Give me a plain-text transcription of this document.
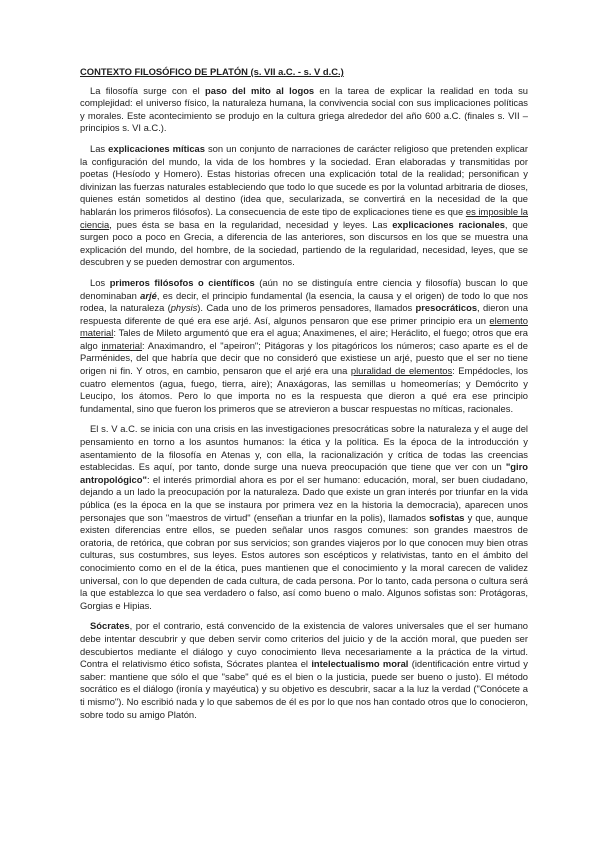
CONTEXTO FILOSÓFICO DE PLATÓN (s. VII a.C. - s. V d.C.)

La filosofía surge con el paso del mito al logos en la tarea de explicar la realidad en toda su complejidad: el universo físico, la naturaleza humana, la convivencia social con sus implicaciones políticas y morales. Este acontecimiento se produjo en la cultura griega alrededor del año 600 a.C. (finales s. VII – principios s. VI a.C.).

Las explicaciones míticas son un conjunto de narraciones de carácter religioso que pretenden explicar la configuración del mundo, la vida de los hombres y la sociedad. Eran elaboradas y transmitidas por poetas (Hesíodo y Homero). Estas historias ofrecen una explicación total de la realidad; personifican y divinizan las fuerzas naturales estableciendo que todo lo que sucede es por la voluntad arbitraria de dioses, quienes están sometidos al destino (idea que, secularizada, se convertirá en la necesidad de la que hablarán los primeros filósofos). La consecuencia de este tipo de explicaciones tiene es que es imposible la ciencia, pues ésta se basa en la regularidad, necesidad y leyes. Las explicaciones racionales, que surgen poco a poco en Grecia, a diferencia de las anteriores, son discursos en los que se muestra una explicación del mundo, del hombre, de la sociedad, partiendo de la regularidad, necesidad, leyes, que se descubren y se pueden demostrar con argumentos.

Los primeros filósofos o científicos (aún no se distinguía entre ciencia y filosofía) buscan lo que denominaban arjé, es decir, el principio fundamental (la esencia, la causa y el origen) de todo lo que nos rodea, la naturaleza (physis). Cada uno de los primeros pensadores, llamados presocráticos, dieron una respuesta diferente de qué era ese arjé. Así, algunos pensaron que ese primer principio era un elemento material: Tales de Mileto argumentó que era el agua; Anaximenes, el aire; Heráclito, el fuego; otros que era algo inmaterial: Anaximandro, el "apeiron"; Pitágoras y los pitagóricos los números; caso aparte es el de Parménides, del que habría que decir que no consideró que existiese un arjé, puesto que el ser no tiene origen ni fin. Y otros, en cambio, pensaron que el arjé era una pluralidad de elementos: Empédocles, los cuatro elementos (agua, fuego, tierra, aire); Anaxágoras, las semillas u homeomerías; y Demócrito y Leucipo, los átomos. Pero lo que importa no es la respuesta que dieron a qué era ese principio fundamental, sino que fueron los primeros que se atrevieron a buscar respuestas no míticas, racionales.

El s. V a.C. se inicia con una crisis en las investigaciones presocráticas sobre la naturaleza y el auge del pensamiento en torno a los asuntos humanos: la ética y la política. Es la época de la introducción y asentamiento de la filosofía en Atenas y, con ella, la racionalización y crítica de todas las creencias establecidas. Es aquí, por tanto, donde surge una nueva preocupación que tiene que ver con un "giro antropológico": el interés primordial ahora es por el ser humano: educación, moral, ser buen ciudadano, dejando a un lado la preocupación por la naturaleza. Dado que existe un gran interés por triunfar en la vida pública (es la época en la que se instaura por primera vez en la historia la democracia), aparecen unos personajes que son "maestros de virtud" (enseñan a triunfar en la polis), llamados sofistas y que, aunque existen diferencias entre ellos, se pueden señalar unos rasgos comunes: son grandes maestros de oratoria, de retórica, que cobran por sus servicios; son grandes viajeros por lo que conocen muy bien otras culturas, sus costumbres, sus leyes. Estos autores son escépticos y relativistas, tanto en el ámbito del conocimiento como en el de la ética, pues mantienen que el conocimiento y la moral carecen de validez universal, con lo que dependen de cada cultura, de cada persona. Por lo tanto, cada persona o cultura será la que establezca lo que sea verdadero o falso, así como bueno o malo. Algunos sofistas son: Protágoras, Gorgias e Hipias.

Sócrates, por el contrario, está convencido de la existencia de valores universales que el ser humano debe intentar descubrir y que deben servir como criterios del juicio y de la acción moral, que pueden ser descubiertos mediante el diálogo y cuyo conocimiento lleva necesariamente a la práctica de la virtud. Contra el relativismo ético sofista, Sócrates plantea el intelectualismo moral (identificación entre virtud y saber: mantiene que sólo el que "sabe" qué es el bien o la justicia, puede ser bueno o justo). El método socrático es el diálogo (ironía y mayéutica) y su objetivo es descubrir, sacar a la luz la verdad ("Conócete a ti mismo"). No escribió nada y lo que sabemos de él es por lo que nos han contado otros que lo conocieron, sobre todo su amigo Platón.
